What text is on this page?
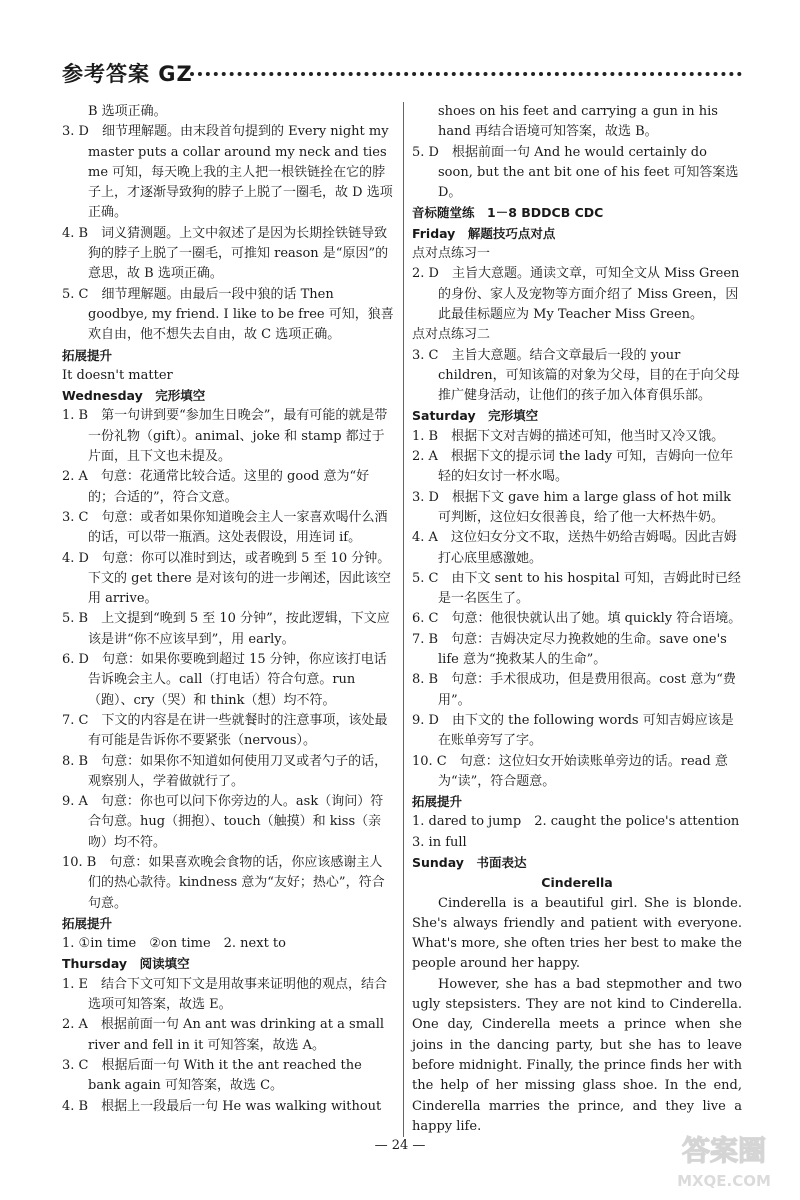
参考答案 GZ

B 选项正确。

3. D　细节理解题。由末段首句提到的 Every night my master puts a collar around my neck and ties me 可知，每天晚上我的主人把一根铁链拴在它的脖子上，才逐渐导致狗的脖子上脱了一圈毛，故 D 选项正确。

4. B　词义猜测题。上文中叙述了是因为长期拴铁链导致狗的脖子上脱了一圈毛，可推知 reason 是“原因”的意思，故 B 选项正确。

5. C　细节理解题。由最后一段中狼的话 Then goodbye, my friend. I like to be free 可知，狼喜欢自由，他不想失去自由，故 C 选项正确。

拓展提升

It doesn't matter

Wednesday　完形填空

1. B　第一句讲到要“参加生日晚会”，最有可能的就是带一份礼物（gift）。animal、joke 和 stamp 都过于片面，且下文也未提及。

2. A　句意：花通常比较合适。这里的 good 意为“好的；合适的”，符合文意。

3. C　句意：或者如果你知道晚会主人一家喜欢喝什么酒的话，可以带一瓶酒。这处表假设，用连词 if。

4. D　句意：你可以准时到达，或者晚到 5 至 10 分钟。下文的 get there 是对该句的进一步阐述，因此该空用 arrive。

5. B　上文提到“晚到 5 至 10 分钟”，按此逻辑，下文应该是讲“你不应该早到”，用 early。

6. D　句意：如果你要晚到超过 15 分钟，你应该打电话告诉晚会主人。call（打电话）符合句意。run（跑）、cry（哭）和 think（想）均不符。

7. C　下文的内容是在讲一些就餐时的注意事项，该处最有可能是告诉你不要紧张（nervous）。

8. B　句意：如果你不知道如何使用刀叉或者勺子的话，观察别人，学着做就行了。

9. A　句意：你也可以问下你旁边的人。ask（询问）符合句意。hug（拥抱）、touch（触摸）和 kiss（亲吻）均不符。

10. B　句意：如果喜欢晚会食物的话，你应该感谢主人们的热心款待。kindness 意为“友好；热心”，符合句意。

拓展提升

1. ①in time　②on time　2. next to

Thursday　阅读填空

1. E　结合下文可知下文是用故事来证明他的观点，结合选项可知答案，故选 E。

2. A　根据前面一句 An ant was drinking at a small river and fell in it 可知答案，故选 A。

3. C　根据后面一句 With it the ant reached the bank again 可知答案，故选 C。

4. B　根据上一段最后一句 He was walking without

shoes on his feet and carrying a gun in his hand 再结合语境可知答案，故选 B。

5. D　根据前面一句 And he would certainly do soon, but the ant bit one of his feet 可知答案选 D。

音标随堂练　1－8 BDDCB CDC

Friday　解题技巧点对点

点对点练习一

2. D　主旨大意题。通读文章，可知全文从 Miss Green 的身份、家人及宠物等方面介绍了 Miss Green，因此最佳标题应为 My Teacher Miss Green。

点对点练习二

3. C　主旨大意题。结合文章最后一段的 your children，可知该篇的对象为父母，目的在于向父母推广健身活动，让他们的孩子加入体育俱乐部。

Saturday　完形填空

1. B　根据下文对吉姆的描述可知，他当时又冷又饿。

2. A　根据下文的提示词 the lady 可知，吉姆向一位年轻的妇女讨一杯水喝。

3. D　根据下文 gave him a large glass of hot milk 可判断，这位妇女很善良，给了他一大杯热牛奶。

4. A　这位妇女分文不取，送热牛奶给吉姆喝。因此吉姆打心底里感激她。

5. C　由下文 sent to his hospital 可知，吉姆此时已经是一名医生了。

6. C　句意：他很快就认出了她。填 quickly 符合语境。

7. B　句意：吉姆决定尽力挽救她的生命。save one's life 意为“挽救某人的生命”。

8. B　句意：手术很成功，但是费用很高。cost 意为“费用”。

9. D　由下文的 the following words 可知吉姆应该是在账单旁写了字。

10. C　句意：这位妇女开始读账单旁边的话。read 意为“读”，符合题意。

拓展提升

1. dared to jump　2. caught the police's attention

3. in full

Sunday　书面表达

Cinderella

Cinderella is a beautiful girl. She is blonde. She's always friendly and patient with everyone. What's more, she often tries her best to make the people around her happy.

However, she has a bad stepmother and two ugly stepsisters. They are not kind to Cinderella. One day, Cinderella meets a prince when she joins in the dancing party, but she has to leave before midnight. Finally, the prince finds her with the help of her missing glass shoe. In the end, Cinderella marries the prince, and they live a happy life.

— 24 —	答案圈
MXQE.COM
